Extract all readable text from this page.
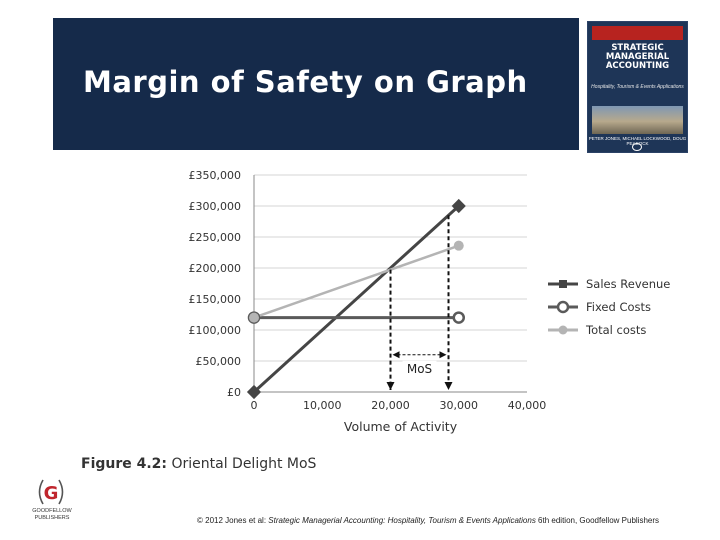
Margin of Safety on Graph
STRATEGIC
MANAGERIAL
ACCOUNTING
Hospitality, Tourism & Events Applications
PETER JONES, MICHAEL LOCKWOOD, DOUG PEACOCK
£0
£50,000
£100,000
£150,000
£200,000
£250,000
£300,000
£350,000
0	10,000	20,000	30,000	40,000
Volume of Activity
MoS
Sales Revenue
Fixed Costs
Total costs
Figure 4.2: Oriental Delight MoS
G
GOODFELLOW
PUBLISHERS	© 2012 Jones et al: Strategic Managerial Accounting: Hospitality, Tourism & Events Applications 6th edition, Goodfellow Publishers
